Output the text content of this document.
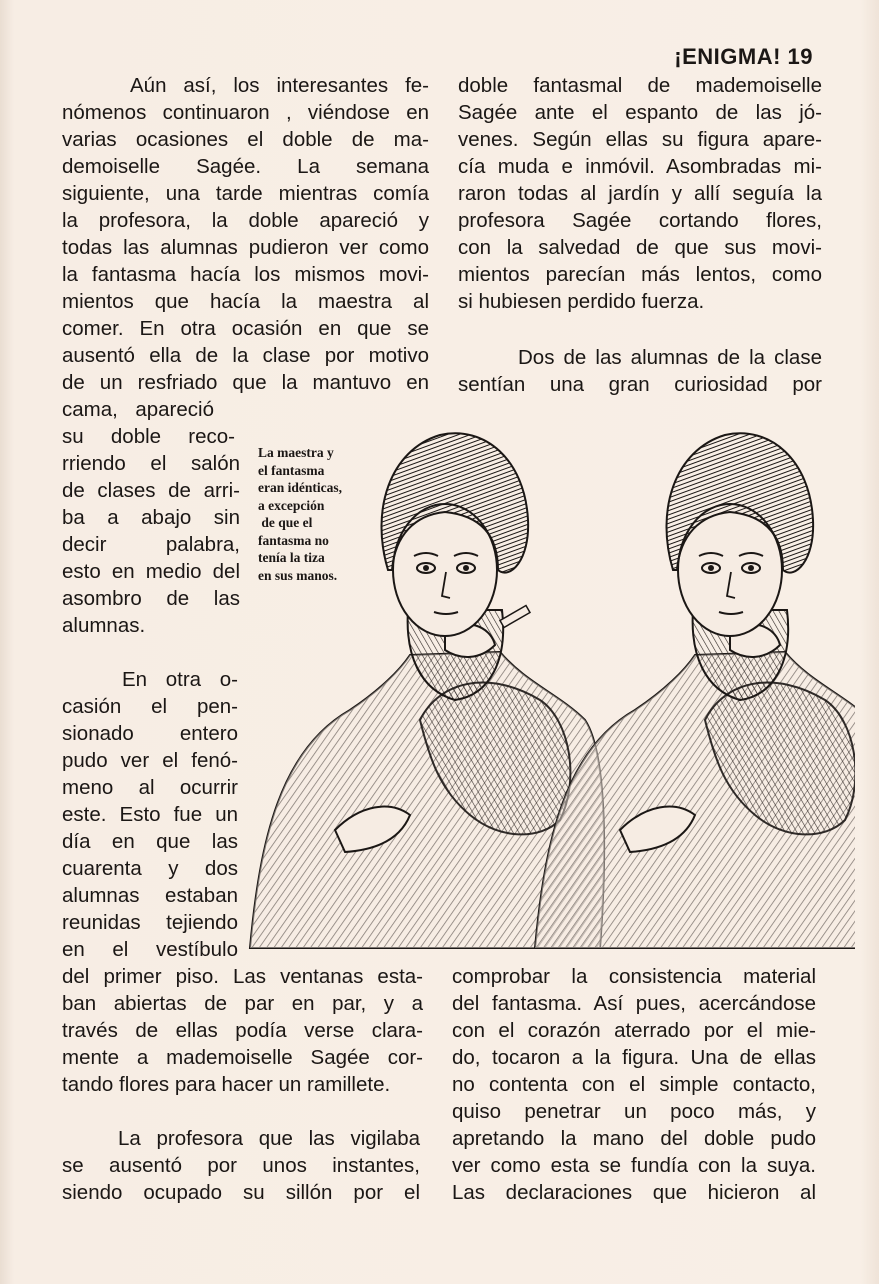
¡ENIGMA! 19
Aún así, los interesantes fe-
nómenos continuaron , viéndose en
varias ocasiones el doble de ma-
demoiselle Sagée. La semana
siguiente, una tarde mientras comía
la profesora, la doble apareció y
todas las alumnas pudieron ver como
la fantasma hacía los mismos movi-
mientos que hacía la maestra al
comer. En otra ocasión en que se
ausentó ella de la clase por motivo
de un resfriado que la mantuvo en
cama, apareció
su doble reco-
rriendo el salón
de clases de arri-
ba a abajo sin
decir palabra,
esto en medio del
asombro de las
alumnas.
En otra o-
casión el pen-
sionado entero
pudo ver el fenó-
meno al ocurrir
este. Esto fue un
día en que las
cuarenta y dos
alumnas estaban
reunidas tejiendo
en el vestíbulo
del primer piso. Las ventanas esta-
ban abiertas de par en par, y a
través de ellas podía verse clara-
mente a mademoiselle Sagée cor-
tando flores para hacer un ramillete.
La profesora que las vigilaba
se ausentó por unos instantes,
siendo ocupado su sillón por el
doble fantasmal de mademoiselle
Sagée ante el espanto de las jó-
venes. Según ellas su figura apare-
cía muda e inmóvil. Asombradas mi-
raron todas al jardín y allí seguía la
profesora Sagée cortando flores,
con la salvedad de que sus movi-
mientos parecían más lentos, como
si hubiesen perdido fuerza.
Dos de las alumnas de la clase
sentían una gran curiosidad por
comprobar la consistencia material
del fantasma. Así pues, acercándose
con el corazón aterrado por el mie-
do, tocaron a la figura. Una de ellas
no contenta con el simple contacto,
quiso penetrar un poco más, y
apretando la mano del doble pudo
ver como esta se fundía con la suya.
Las declaraciones que hicieron al
La maestra y
el fantasma
eran idénticas,
a excepción
de que el
fantasma no
tenía la tiza
en sus manos.
